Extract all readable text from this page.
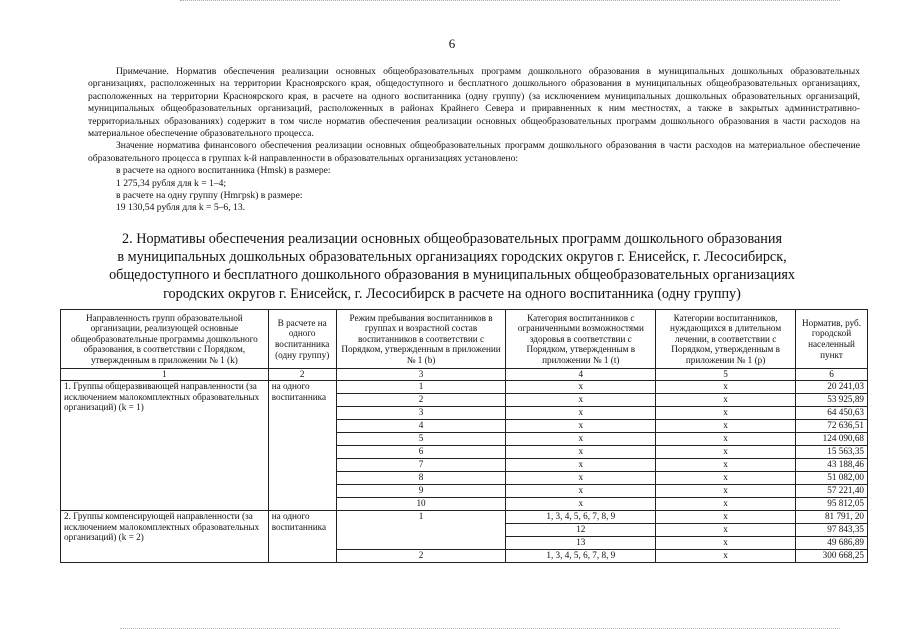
6

Примечание. Норматив обеспечения реализации основных общеобразовательных программ дошкольного образования в муниципальных дошкольных образовательных организациях, расположенных на территории Красноярского края, общедоступного и бесплатного дошкольного образования в муниципальных общеобразовательных организациях, расположенных на территории Красноярского края, в расчете на одного воспитанника (одну группу) (за исключением муниципальных дошкольных образовательных организаций, муниципальных общеобразовательных организаций, расположенных в районах Крайнего Севера и приравненных к ним местностях, а также в закрытых административно-территориальных образованиях) содержит в том числе норматив обеспечения реализации основных общеобразовательных программ дошкольного образования в части расходов на материальное обеспечение образовательного процесса.

Значение норматива финансового обеспечения реализации основных общеобразовательных программ дошкольного образования в части расходов на материальное обеспечение образовательного процесса в группах k-й направленности в образовательных организациях установлено:

в расчете на одного воспитанника (Нmsk) в размере:

1 275,34 рубля для k = 1–4;

в расчете на одну группу (Нmгpsk) в размере:

19 130,54 рубля для k = 5–6, 13.

2. Нормативы обеспечения реализации основных общеобразовательных программ дошкольного образования
в муниципальных дошкольных образовательных организациях городских округов г. Енисейск, г. Лесосибирск,
общедоступного и бесплатного дошкольного образования в муниципальных общеобразовательных организациях
городских округов г. Енисейск, г. Лесосибирск в расчете на одного воспитанника (одну группу)
Направленность групп образовательной организации, реализующей основные общеобразовательные программы дошкольного образования, в соответствии с Порядком, утвержденным в приложении № 1 (k)	В расчете на одного воспитанника (одну группу)	Режим пребывания воспитанников в группах и возрастной состав воспитанников в соответствии с Порядком, утвержденным в приложении № 1 (b)	Категория воспитанников с ограниченными возможностями здоровья в соответствии с Порядком, утвержденным в приложении № 1 (t)	Категории воспитанников, нуждающихся в длительном лечении, в соответствии с Порядком, утвержденным в приложении № 1 (p)	Норматив, руб. городской населенный пункт
1	2	3	4	5	6
1. Группы общеразвивающей направленности (за исключением малокомплектных образовательных организаций) (k = 1)	на одного воспитанника	1	x	x	20 241,03
		2	x	x	53 925,89
		3	x	x	64 450,63
		4	x	x	72 636,51
		5	x	x	124 090,68
		6	x	x	15 563,35
		7	x	x	43 188,46
		8	x	x	51 082,00
		9	x	x	57 221,40
		10	x	x	95 812,05
2. Группы компенсирующей направленности (за исключением малокомплектных образовательных организаций) (k = 2)	на одного воспитанника	1	1, 3, 4, 5, 6, 7, 8, 9	x	81 791, 20
			12	x	97 843,35
			13	x	49 686,89
		2	1, 3, 4, 5, 6, 7, 8, 9	x	300 668,25
